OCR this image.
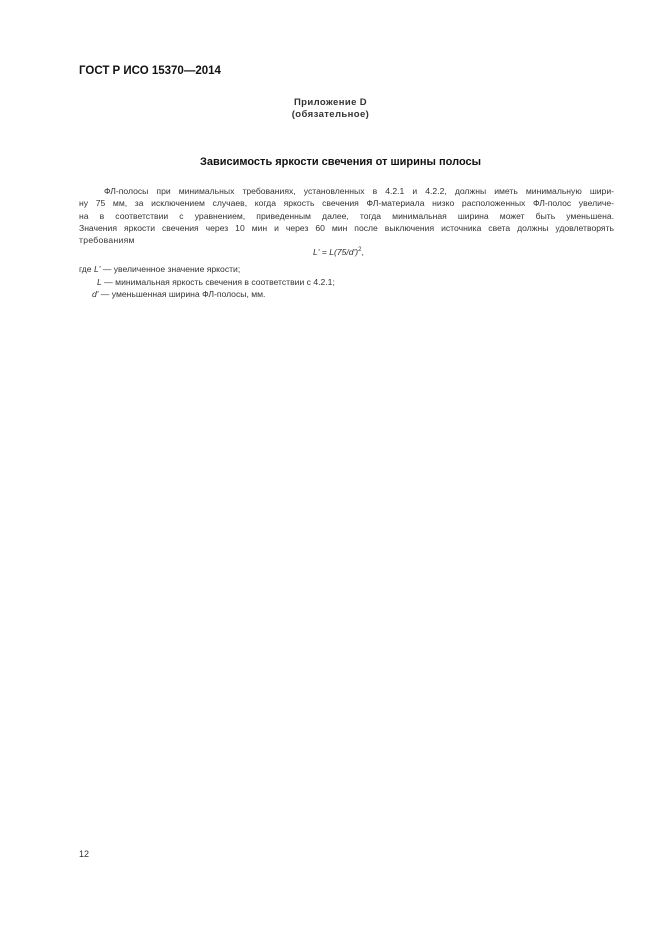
ГОСТ Р ИСО 15370—2014
Приложение D
(обязательное)
Зависимость яркости свечения от ширины полосы
ФЛ-полосы при минимальных требованиях, установленных в 4.2.1 и 4.2.2, должны иметь минимальную шири-
ну 75 мм, за исключением случаев, когда яркость свечения ФЛ-материала низко расположенных ФЛ-полос увеличе-
на в соответствии с уравнением, приведенным далее, тогда минимальная ширина может быть уменьшена.
Значения яркости свечения через 10 мин и через 60 мин после выключения источника света должны удовлетворять
требованиям
$L' = L(75/d')^2$,
где L' — увеличенное значение яркости;
L — минимальная яркость свечения в соответствии с 4.2.1;
d' — уменьшенная ширина ФЛ-полосы, мм.
12
